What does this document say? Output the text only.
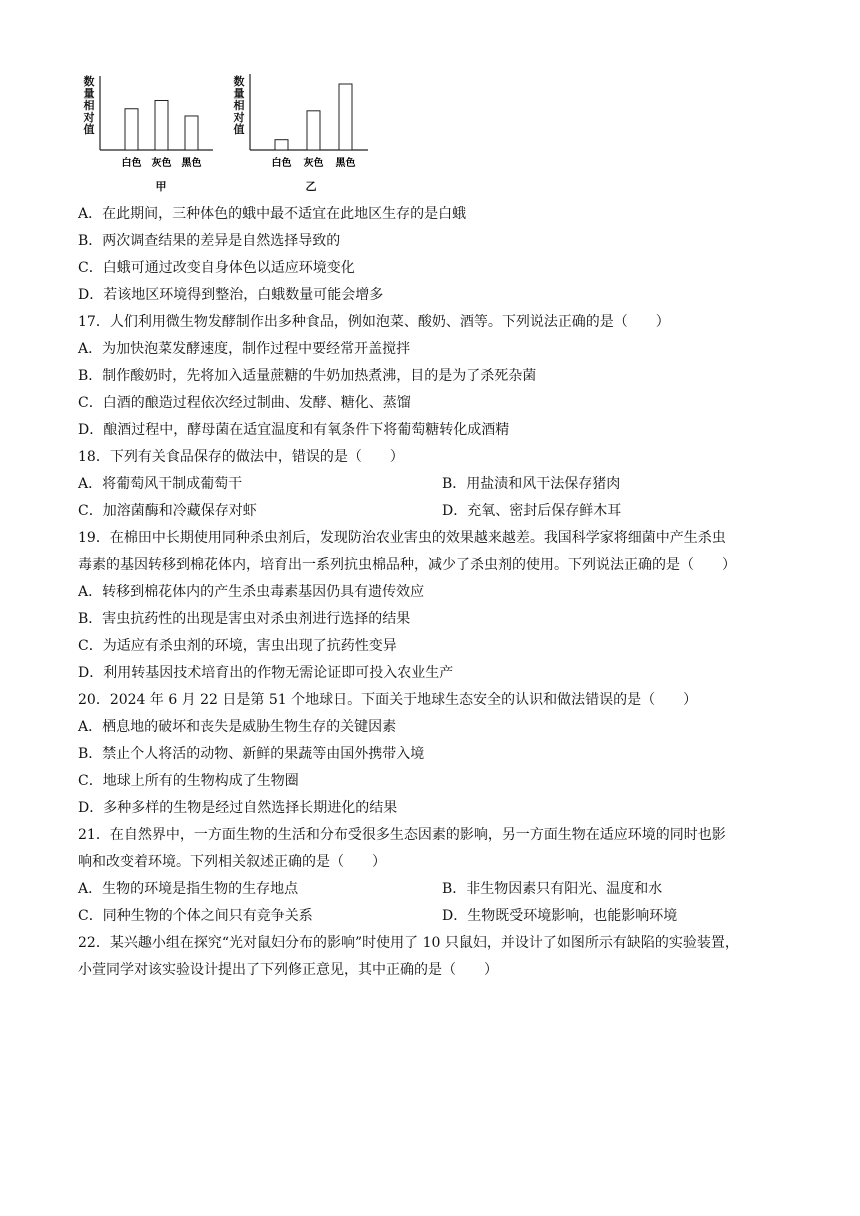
数
量
相
对
值
白色 灰色 黑色
甲
数
量
相
对
值
白色 灰色 黑色
乙
A．在此期间，三种体色的蛾中最不适宜在此地区生存的是白蛾
B．两次调查结果的差异是自然选择导致的
C．白蛾可通过改变自身体色以适应环境变化
D．若该地区环境得到整治，白蛾数量可能会增多
17．人们利用微生物发酵制作出多种食品，例如泡菜、酸奶、酒等。下列说法正确的是（　　）
A．为加快泡菜发酵速度，制作过程中要经常开盖搅拌
B．制作酸奶时，先将加入适量蔗糖的牛奶加热煮沸，目的是为了杀死杂菌
C．白酒的酿造过程依次经过制曲、发酵、糖化、蒸馏
D．酿酒过程中，酵母菌在适宜温度和有氧条件下将葡萄糖转化成酒精
18．下列有关食品保存的做法中，错误的是（　　）
A．将葡萄风干制成葡萄干	B．用盐渍和风干法保存猪肉
C．加溶菌酶和冷藏保存对虾	D．充氧、密封后保存鲜木耳
19．在棉田中长期使用同种杀虫剂后，发现防治农业害虫的效果越来越差。我国科学家将细菌中产生杀虫
毒素的基因转移到棉花体内，培育出一系列抗虫棉品种，减少了杀虫剂的使用。下列说法正确的是（　　）
A．转移到棉花体内的产生杀虫毒素基因仍具有遗传效应
B．害虫抗药性的出现是害虫对杀虫剂进行选择的结果
C．为适应有杀虫剂的环境，害虫出现了抗药性变异
D．利用转基因技术培育出的作物无需论证即可投入农业生产
20．2024 年 6 月 22 日是第 51 个地球日。下面关于地球生态安全的认识和做法错误的是（　　）
A．栖息地的破坏和丧失是威胁生物生存的关键因素
B．禁止个人将活的动物、新鲜的果蔬等由国外携带入境
C．地球上所有的生物构成了生物圈
D．多种多样的生物是经过自然选择长期进化的结果
21．在自然界中，一方面生物的生活和分布受很多生态因素的影响，另一方面生物在适应环境的同时也影
响和改变着环境。下列相关叙述正确的是（　　）
A．生物的环境是指生物的生存地点	B．非生物因素只有阳光、温度和水
C．同种生物的个体之间只有竞争关系	D．生物既受环境影响，也能影响环境
22．某兴趣小组在探究“光对鼠妇分布的影响”时使用了 10 只鼠妇，并设计了如图所示有缺陷的实验装置，
小萱同学对该实验设计提出了下列修正意见，其中正确的是（　　）
